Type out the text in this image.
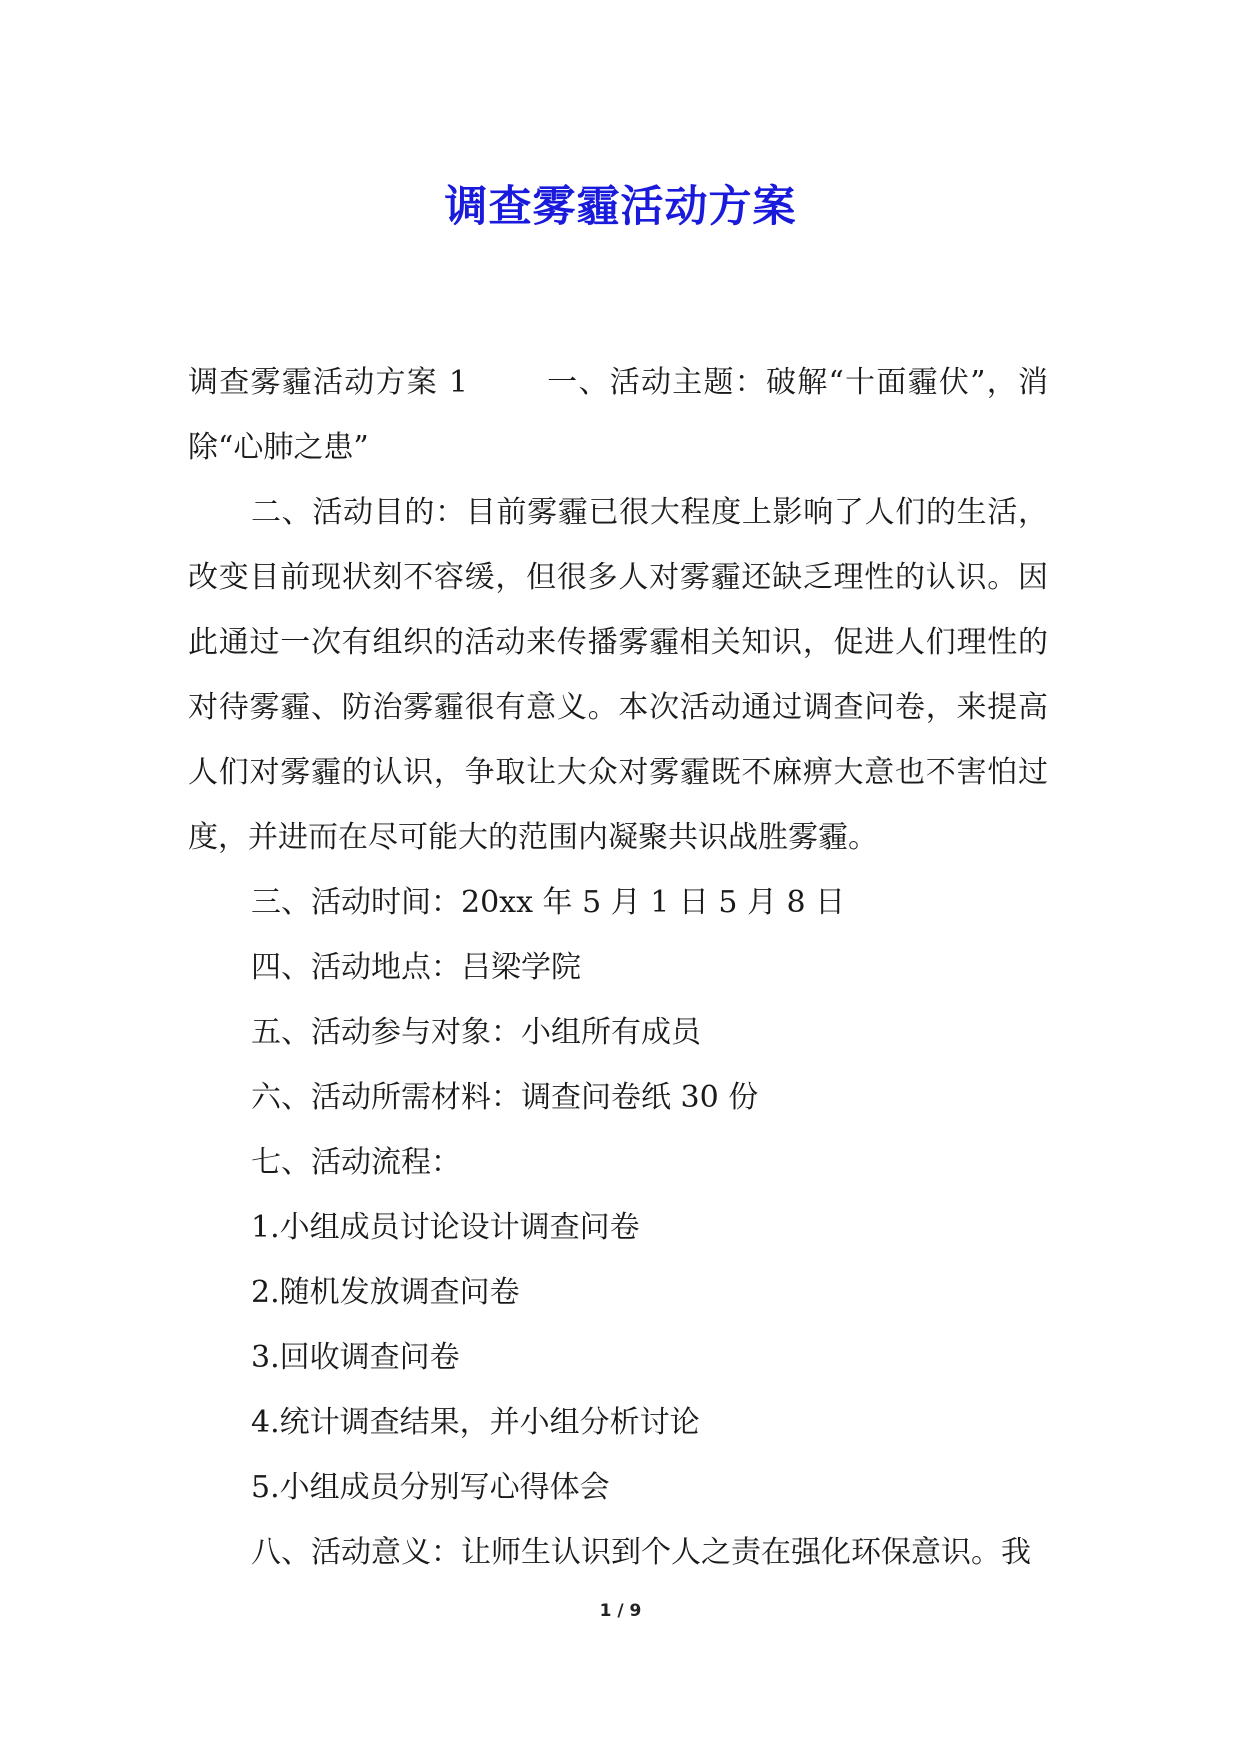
调查雾霾活动方案

调查雾霾活动方案 1	一、活动主题：破解“十面霾伏”，消除“心肺之患”

二、活动目的：目前雾霾已很大程度上影响了人们的生活，改变目前现状刻不容缓，但很多人对雾霾还缺乏理性的认识。因此通过一次有组织的活动来传播雾霾相关知识，促进人们理性的对待雾霾、防治雾霾很有意义。本次活动通过调查问卷，来提高人们对雾霾的认识，争取让大众对雾霾既不麻痹大意也不害怕过度，并进而在尽可能大的范围内凝聚共识战胜雾霾。

三、活动时间：20xx 年 5 月 1 日 5 月 8 日

四、活动地点：吕梁学院

五、活动参与对象：小组所有成员

六、活动所需材料：调查问卷纸 30 份

七、活动流程：

1.小组成员讨论设计调查问卷

2.随机发放调查问卷

3.回收调查问卷

4.统计调查结果，并小组分析讨论

5.小组成员分别写心得体会

八、活动意义：让师生认识到个人之责在强化环保意识。我

1 / 9
